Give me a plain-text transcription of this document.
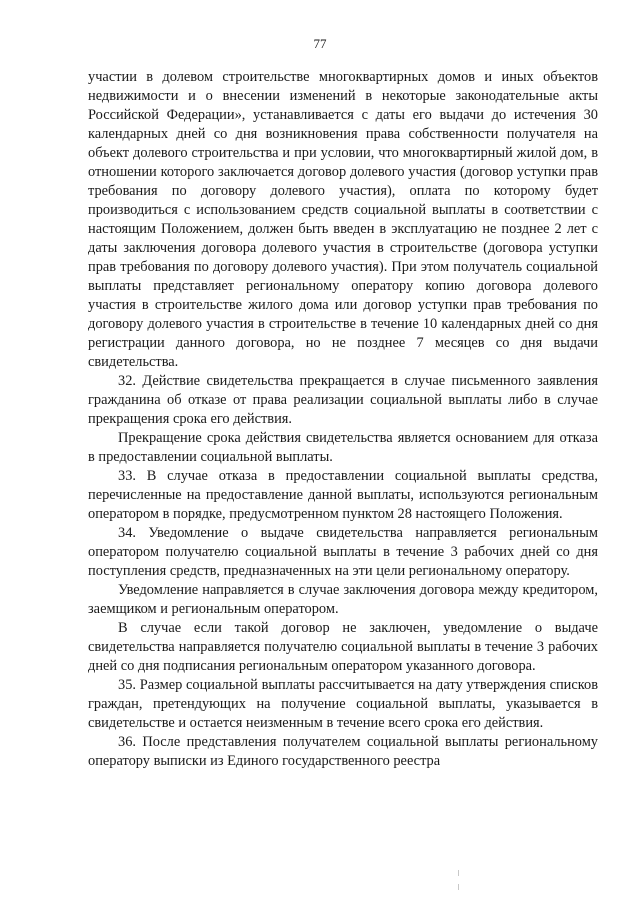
77

участии в долевом строительстве многоквартирных домов и иных объектов недвижимости и о внесении изменений в некоторые законодательные акты Российской Федерации», устанавливается с даты его выдачи до истечения 30 календарных дней со дня возникновения права собственности получателя на объект долевого строительства и при условии, что многоквартирный жилой дом, в отношении которого заключается договор долевого участия (договор уступки прав требования по договору долевого участия), оплата по которому будет производиться с использованием средств социальной выплаты в соответствии с настоящим Положением, должен быть введен в эксплуатацию не позднее 2 лет с даты заключения договора долевого участия в строительстве (договора уступки прав требования по договору долевого участия). При этом получатель социальной выплаты представляет региональному оператору копию договора долевого участия в строительстве жилого дома или договор уступки прав требования по договору долевого участия в строительстве в течение 10 календарных дней со дня регистрации данного договора, но не позднее 7 месяцев со дня выдачи свидетельства.

32. Действие свидетельства прекращается в случае письменного заявления гражданина об отказе от права реализации социальной выплаты либо в случае прекращения срока его действия.

Прекращение срока действия свидетельства является основанием для отказа в предоставлении социальной выплаты.

33. В случае отказа в предоставлении социальной выплаты средства, перечисленные на предоставление данной выплаты, используются региональным оператором в порядке, предусмотренном пунктом 28 настоящего Положения.

34. Уведомление о выдаче свидетельства направляется региональным оператором получателю социальной выплаты в течение 3 рабочих дней со дня поступления средств, предназначенных на эти цели региональному оператору.

Уведомление направляется в случае заключения договора между кредитором, заемщиком и региональным оператором.

В случае если такой договор не заключен, уведомление о выдаче свидетельства направляется получателю социальной выплаты в течение 3 рабочих дней со дня подписания региональным оператором указанного договора.

35. Размер социальной выплаты рассчитывается на дату утверждения списков граждан, претендующих на получение социальной выплаты, указывается в свидетельстве и остается неизменным в течение всего срока его действия.

36. После представления получателем социальной выплаты региональному оператору выписки из Единого государственного реестра
